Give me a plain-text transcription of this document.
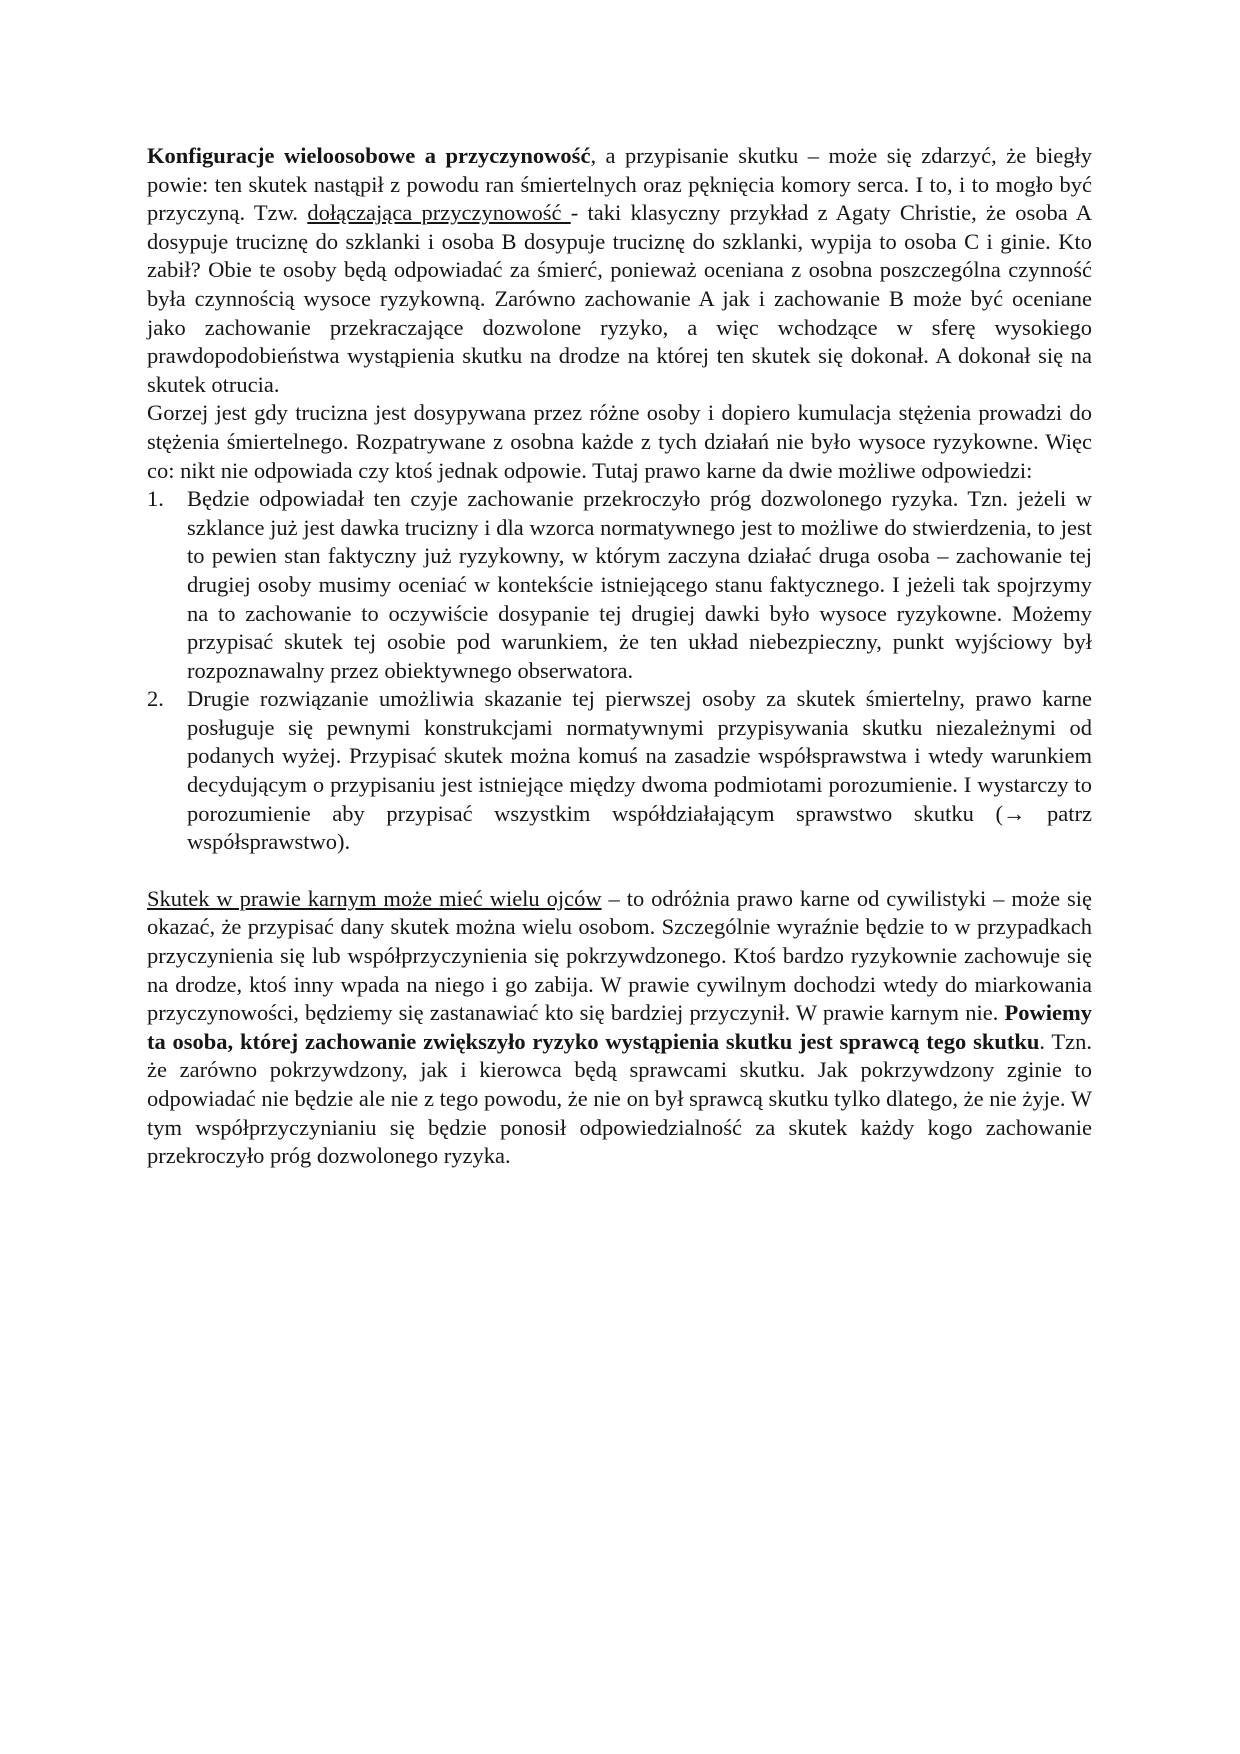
Konfiguracje wieloosobowe a przyczynowość, a przypisanie skutku – może się zdarzyć, że biegły powie: ten skutek nastąpił z powodu ran śmiertelnych oraz pęknięcia komory serca. I to, i to mogło być przyczyną. Tzw. dołączająca przyczynowość - taki klasyczny przykład z Agaty Christie, że osoba A dosypuje truciznę do szklanki i osoba B dosypuje truciznę do szklanki, wypija to osoba C i ginie. Kto zabił? Obie te osoby będą odpowiadać za śmierć, ponieważ oceniana z osobna poszczególna czynność była czynnością wysoce ryzykowną. Zarówno zachowanie A jak i zachowanie B może być oceniane jako zachowanie przekraczające dozwolone ryzyko, a więc wchodzące w sferę wysokiego prawdopodobieństwa wystąpienia skutku na drodze na której ten skutek się dokonał. A dokonał się na skutek otrucia.

Gorzej jest gdy trucizna jest dosypywana przez różne osoby i dopiero kumulacja stężenia prowadzi do stężenia śmiertelnego. Rozpatrywane z osobna każde z tych działań nie było wysoce ryzykowne. Więc co: nikt nie odpowiada czy ktoś jednak odpowie. Tutaj prawo karne da dwie możliwe odpowiedzi:

1. Będzie odpowiadał ten czyje zachowanie przekroczyło próg dozwolonego ryzyka. Tzn. jeżeli w szklance już jest dawka trucizny i dla wzorca normatywnego jest to możliwe do stwierdzenia, to jest to pewien stan faktyczny już ryzykowny, w którym zaczyna działać druga osoba – zachowanie tej drugiej osoby musimy oceniać w kontekście istniejącego stanu faktycznego. I jeżeli tak spojrzymy na to zachowanie to oczywiście dosypanie tej drugiej dawki było wysoce ryzykowne. Możemy przypisać skutek tej osobie pod warunkiem, że ten układ niebezpieczny, punkt wyjściowy był rozpoznawalny przez obiektywnego obserwatora.
2. Drugie rozwiązanie umożliwia skazanie tej pierwszej osoby za skutek śmiertelny, prawo karne posługuje się pewnymi konstrukcjami normatywnymi przypisywania skutku niezależnymi od podanych wyżej. Przypisać skutek można komuś na zasadzie współsprawstwa i wtedy warunkiem decydującym o przypisaniu jest istniejące między dwoma podmiotami porozumienie. I wystarczy to porozumienie aby przypisać wszystkim współdziałającym sprawstwo skutku (→ patrz współsprawstwo).

Skutek w prawie karnym może mieć wielu ojców – to odróżnia prawo karne od cywilistyki – może się okazać, że przypisać dany skutek można wielu osobom. Szczególnie wyraźnie będzie to w przypadkach przyczynienia się lub współprzyczynienia się pokrzywdzonego. Ktoś bardzo ryzykownie zachowuje się na drodze, ktoś inny wpada na niego i go zabija. W prawie cywilnym dochodzi wtedy do miarkowania przyczynowości, będziemy się zastanawiać kto się bardziej przyczynił. W prawie karnym nie. Powiemy ta osoba, której zachowanie zwiększyło ryzyko wystąpienia skutku jest sprawcą tego skutku. Tzn. że zarówno pokrzywdzony, jak i kierowca będą sprawcami skutku. Jak pokrzywdzony zginie to odpowiadać nie będzie ale nie z tego powodu, że nie on był sprawcą skutku tylko dlatego, że nie żyje. W tym współprzyczynianiu się będzie ponosił odpowiedzialność za skutek każdy kogo zachowanie przekroczyło próg dozwolonego ryzyka.
